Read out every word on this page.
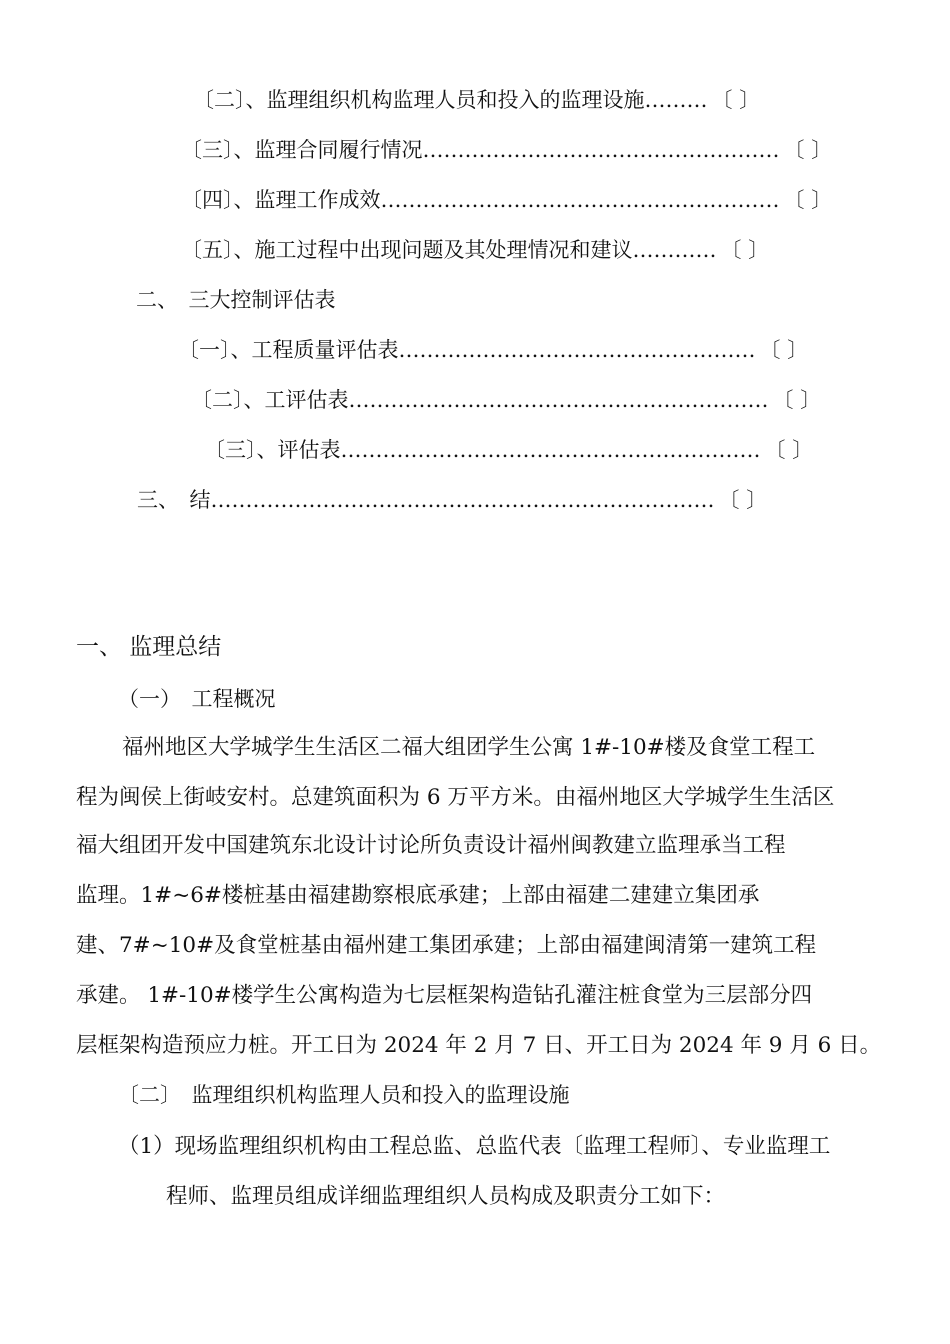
〔二〕、监理组织机构监理人员和投入的监理设施……… 〔 〕
〔三〕、监理合同履行情况…………………………………………… 〔 〕
〔四〕、监理工作成效………………………………………………… 〔 〕
〔五〕、施工过程中出现问题及其处理情况和建议………… 〔 〕
二、　三大控制评估表
〔一〕、工程质量评估表…………………………………………… 〔 〕
〔二〕、工评估表…………………………………………………… 〔 〕
〔三〕、评估表…………………………………………………… 〔 〕
三、　结……………………………………………………………… 〔 〕
一、 监理总结
（一）　工程概况
福州地区大学城学生生活区二福大组团学生公寓 1#-10#楼及食堂工程工
程为闽侯上街岐安村。总建筑面积为 6 万平方米。由福州地区大学城学生生活区
福大组团开发中国建筑东北设计讨论所负责设计福州闽教建立监理承当工程
监理。1#~6#楼桩基由福建勘察根底承建；上部由福建二建建立集团承
建、7#~10#及食堂桩基由福州建工集团承建；上部由福建闽清第一建筑工程
承建。 1#-10#楼学生公寓构造为七层框架构造钻孔灌注桩食堂为三层部分四
层框架构造预应力桩。开工日为 2024 年 2 月 7 日、开工日为 2024 年 9 月 6 日。
〔二〕　监理组织机构监理人员和投入的监理设施
（1）现场监理组织机构由工程总监、总监代表〔监理工程师〕、专业监理工
程师、监理员组成详细监理组织人员构成及职责分工如下：
